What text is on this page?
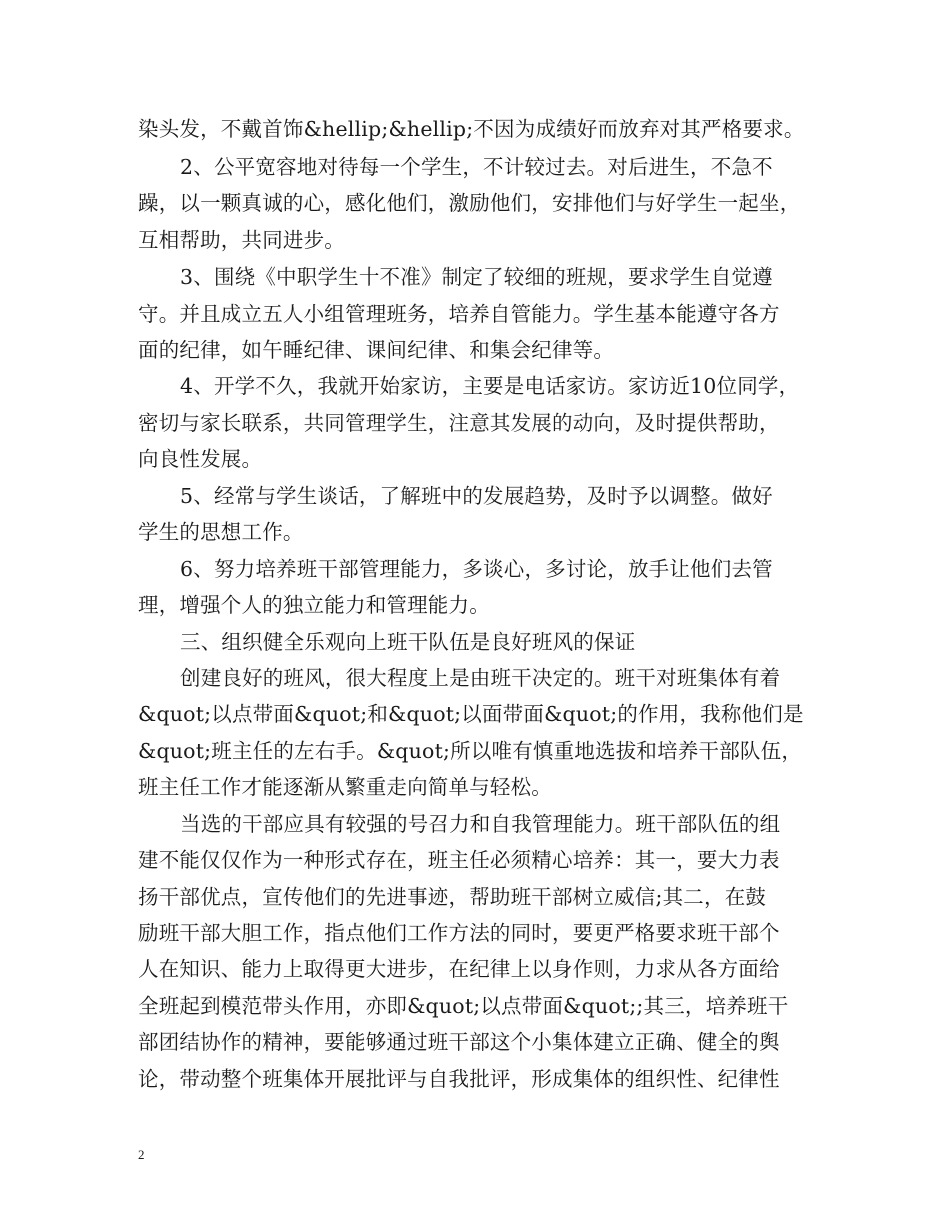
染头发，不戴首饰&hellip;&hellip;不因为成绩好而放弃对其严格要求。
2、公平宽容地对待每一个学生，不计较过去。对后进生，不急不
躁，以一颗真诚的心，感化他们，激励他们，安排他们与好学生一起坐，
互相帮助，共同进步。
3、围绕《中职学生十不准》制定了较细的班规，要求学生自觉遵
守。并且成立五人小组管理班务，培养自管能力。学生基本能遵守各方
面的纪律，如午睡纪律、课间纪律、和集会纪律等。
4、开学不久，我就开始家访，主要是电话家访。家访近10位同学，
密切与家长联系，共同管理学生，注意其发展的动向，及时提供帮助，
向良性发展。
5、经常与学生谈话，了解班中的发展趋势，及时予以调整。做好
学生的思想工作。
6、努力培养班干部管理能力，多谈心，多讨论，放手让他们去管
理，增强个人的独立能力和管理能力。
三、组织健全乐观向上班干队伍是良好班风的保证
创建良好的班风，很大程度上是由班干决定的。班干对班集体有着
&quot;以点带面&quot;和&quot;以面带面&quot;的作用，我称他们是
&quot;班主任的左右手。&quot;所以唯有慎重地选拔和培养干部队伍，
班主任工作才能逐渐从繁重走向简单与轻松。
当选的干部应具有较强的号召力和自我管理能力。班干部队伍的组
建不能仅仅作为一种形式存在，班主任必须精心培养：其一，要大力表
扬干部优点，宣传他们的先进事迹，帮助班干部树立威信;其二，在鼓
励班干部大胆工作，指点他们工作方法的同时，要更严格要求班干部个
人在知识、能力上取得更大进步，在纪律上以身作则，力求从各方面给
全班起到模范带头作用，亦即&quot;以点带面&quot;;其三，培养班干
部团结协作的精神，要能够通过班干部这个小集体建立正确、健全的舆
论，带动整个班集体开展批评与自我批评，形成集体的组织性、纪律性
2
